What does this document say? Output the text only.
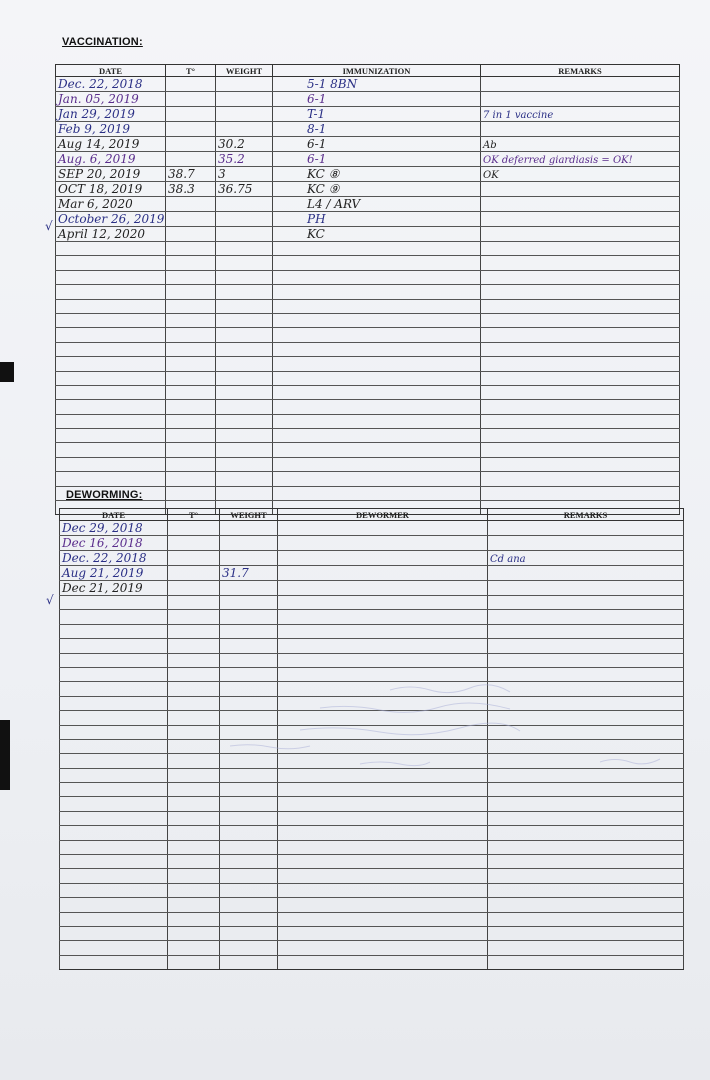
VACCINATION:
DATE	T°	WEIGHT	IMMUNIZATION	REMARKS
Dec. 22, 2018			5-1 8BN	
Jan. 05, 2019			6-1	
Jan 29, 2019			T-1	7 in 1 vaccine
Feb 9, 2019			8-1	
Aug 14, 2019		30.2	6-1	Ab
Aug. 6, 2019		35.2	6-1	OK deferred giardiasis = OK!
SEP 20, 2019	38.7	3	KC ⑧	OK
OCT 18, 2019	38.3	36.75	KC ⑨	
Mar 6, 2020			L4 / ARV	
October 26, 2019			PH	
April 12, 2020			KC	

DEWORMING:
DATE	T°	WEIGHT	DEWORMER	REMARKS
Dec 29, 2018				
Dec 16, 2018				
Dec. 22, 2018				Cd ana
Aug 21, 2019		31.7		
Dec 21, 2019				

√
√
